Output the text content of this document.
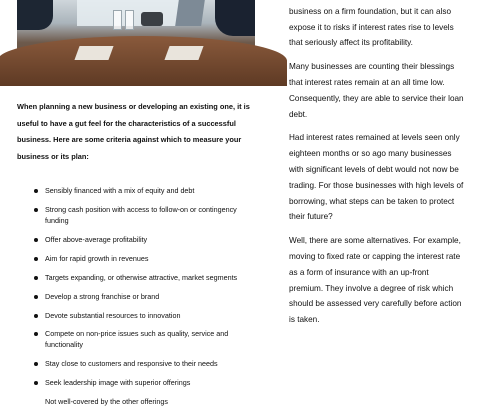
When planning a new business or developing an existing one, it is useful to have a gut feel for the characteristics of a successful business. Here are some criteria against which to measure your business or its plan:

Sensibly financed with a mix of equity and debt
Strong cash position with access to follow-on or contingency funding
Offer above-average profitability
Aim for rapid growth in revenues
Targets expanding, or otherwise attractive, market segments
Develop a strong franchise or brand
Devote substantial resources to innovation
Compete on non-price issues such as quality, service and functionality
Stay close to customers and responsive to their needs
Seek leadership image with superior offerings
Not well-covered by the other offerings

business on a firm foundation, but it can also expose it to risks if interest rates rise to levels that seriously affect its profitability.

Many businesses are counting their blessings that interest rates remain at an all time low. Consequently, they are able to service their loan debt.

Had interest rates remained at levels seen only eighteen months or so ago many businesses with significant levels of debt would not now be trading. For those businesses with high levels of borrowing, what steps can be taken to protect their future?

Well, there are some alternatives. For example, moving to fixed rate or capping the interest rate as a form of insurance with an up-front premium. They involve a degree of risk which should be assessed very carefully before action is taken.
